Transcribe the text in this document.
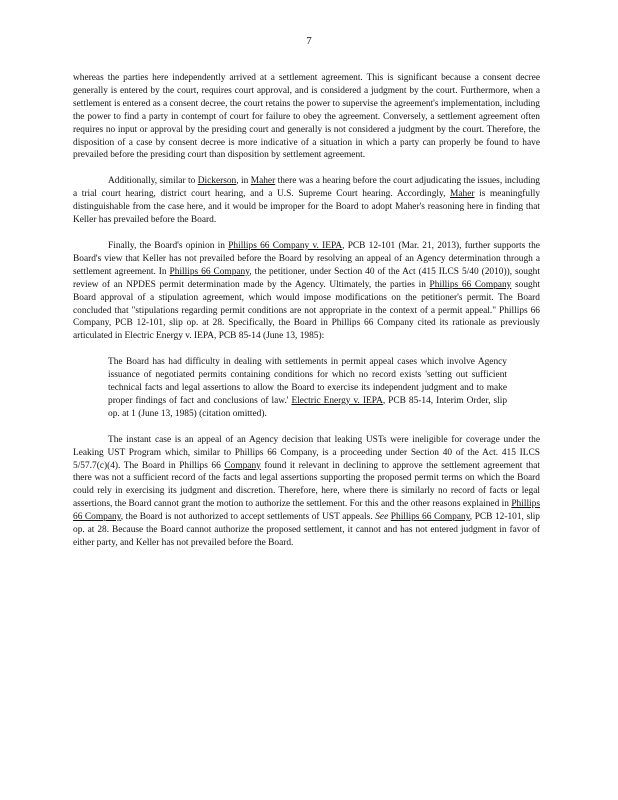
7

whereas the parties here independently arrived at a settlement agreement. This is significant because a consent decree generally is entered by the court, requires court approval, and is considered a judgment by the court. Furthermore, when a settlement is entered as a consent decree, the court retains the power to supervise the agreement's implementation, including the power to find a party in contempt of court for failure to obey the agreement. Conversely, a settlement agreement often requires no input or approval by the presiding court and generally is not considered a judgment by the court. Therefore, the disposition of a case by consent decree is more indicative of a situation in which a party can properly be found to have prevailed before the presiding court than disposition by settlement agreement.

Additionally, similar to Dickerson, in Maher there was a hearing before the court adjudicating the issues, including a trial court hearing, district court hearing, and a U.S. Supreme Court hearing. Accordingly, Maher is meaningfully distinguishable from the case here, and it would be improper for the Board to adopt Maher's reasoning here in finding that Keller has prevailed before the Board.

Finally, the Board's opinion in Phillips 66 Company v. IEPA, PCB 12-101 (Mar. 21, 2013), further supports the Board's view that Keller has not prevailed before the Board by resolving an appeal of an Agency determination through a settlement agreement. In Phillips 66 Company, the petitioner, under Section 40 of the Act (415 ILCS 5/40 (2010)), sought review of an NPDES permit determination made by the Agency. Ultimately, the parties in Phillips 66 Company sought Board approval of a stipulation agreement, which would impose modifications on the petitioner's permit. The Board concluded that "stipulations regarding permit conditions are not appropriate in the context of a permit appeal." Phillips 66 Company, PCB 12-101, slip op. at 28. Specifically, the Board in Phillips 66 Company cited its rationale as previously articulated in Electric Energy v. IEPA, PCB 85-14 (June 13, 1985):

The Board has had difficulty in dealing with settlements in permit appeal cases which involve Agency issuance of negotiated permits containing conditions for which no record exists 'setting out sufficient technical facts and legal assertions to allow the Board to exercise its independent judgment and to make proper findings of fact and conclusions of law.' Electric Energy v. IEPA, PCB 85-14, Interim Order, slip op. at 1 (June 13, 1985) (citation omitted).

The instant case is an appeal of an Agency decision that leaking USTs were ineligible for coverage under the Leaking UST Program which, similar to Phillips 66 Company, is a proceeding under Section 40 of the Act. 415 ILCS 5/57.7(c)(4). The Board in Phillips 66 Company found it relevant in declining to approve the settlement agreement that there was not a sufficient record of the facts and legal assertions supporting the proposed permit terms on which the Board could rely in exercising its judgment and discretion. Therefore, here, where there is similarly no record of facts or legal assertions, the Board cannot grant the motion to authorize the settlement. For this and the other reasons explained in Phillips 66 Company, the Board is not authorized to accept settlements of UST appeals. See Phillips 66 Company, PCB 12-101, slip op. at 28. Because the Board cannot authorize the proposed settlement, it cannot and has not entered judgment in favor of either party, and Keller has not prevailed before the Board.
